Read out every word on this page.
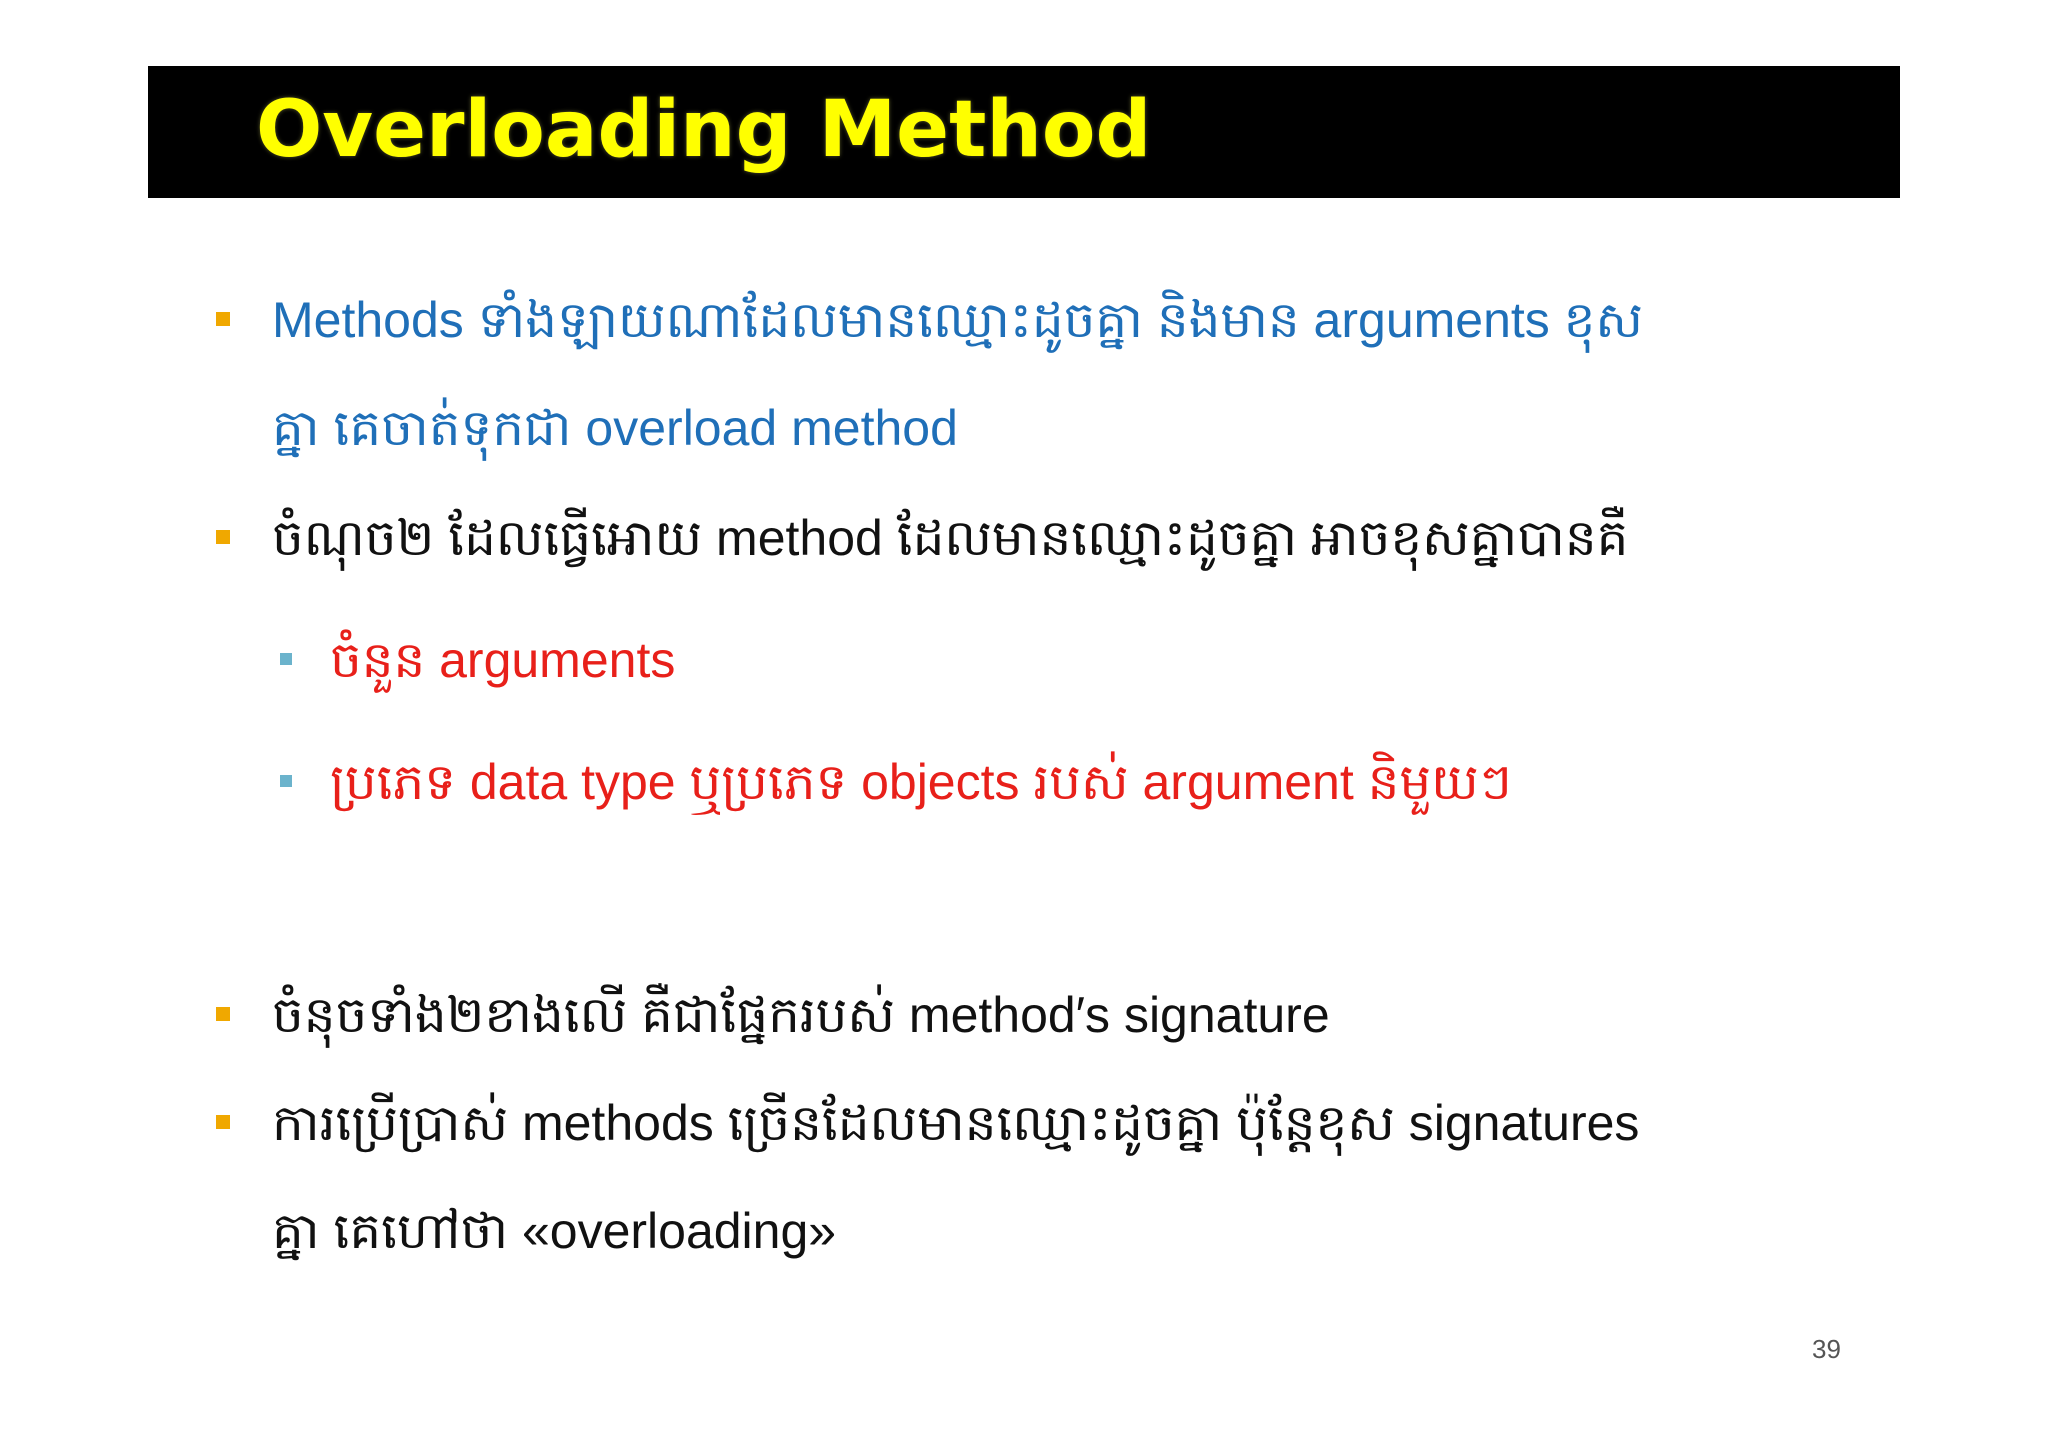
Overloading Method
Methods ទាំងឡាយណាដែលមានឈ្មោះដូចគ្នា និងមាន arguments ខុស
គ្នា គេចាត់ទុកជា overload method
ចំណុច២ ដែលធ្វើអោយ method ដែលមានឈ្មោះដូចគ្នា អាចខុសគ្នាបានគឺ
ចំនួន arguments
ប្រភេទ data type ឬប្រភេទ objects របស់ argument និមួយៗ
ចំនុចទាំង២ខាងលើ គឺជាផ្នែករបស់ method′s signature
ការប្រើប្រាស់ methods ច្រើនដែលមានឈ្មោះដូចគ្នា ប៉ុន្តែខុស signatures
គ្នា គេហៅថា «overloading»
39
